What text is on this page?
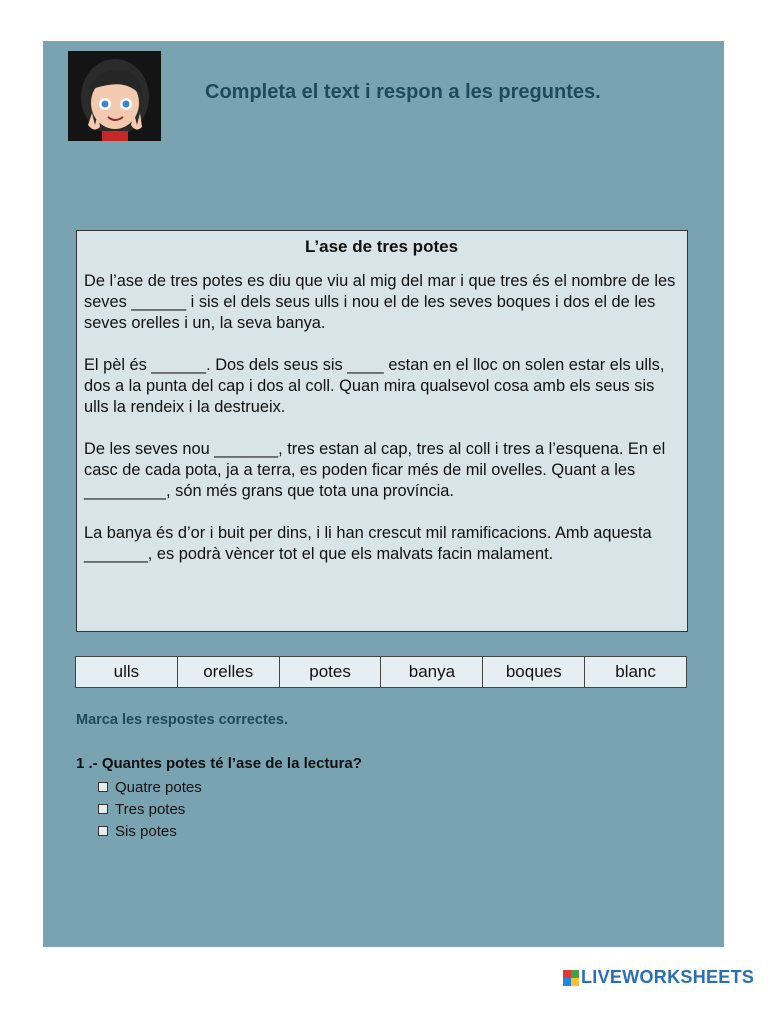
Completa el text i respon a les preguntes.
L’ase de tres potes

De l’ase de tres potes es diu que viu al mig del mar i que tres és el nombre de les seves ______ i sis el dels seus ulls i nou el de les seves boques i dos el de les seves orelles i un, la seva banya.

El pèl és ______. Dos dels seus sis ____ estan en el lloc on solen estar els ulls, dos a la punta del cap i dos al coll. Quan mira qualsevol cosa amb els seus sis ulls la rendeix i la destrueix.

De les seves nou _______, tres estan al cap, tres al coll i tres a l’esquena. En el casc de cada pota, ja a terra, es poden ficar més de mil ovelles. Quant a les _________, són més grans que tota una província.

La banya és d’or i buit per dins, i li han crescut mil ramificacions. Amb aquesta _______, es podrà vèncer tot el que els malvats facin malament.

ulls	orelles	potes	banya	boques	blanc
Marca les respostes correctes.
1 .- Quantes potes té l’ase de la lectura?
Quatre potes
Tres potes
Sis potes
LIVEWORKSHEETS
